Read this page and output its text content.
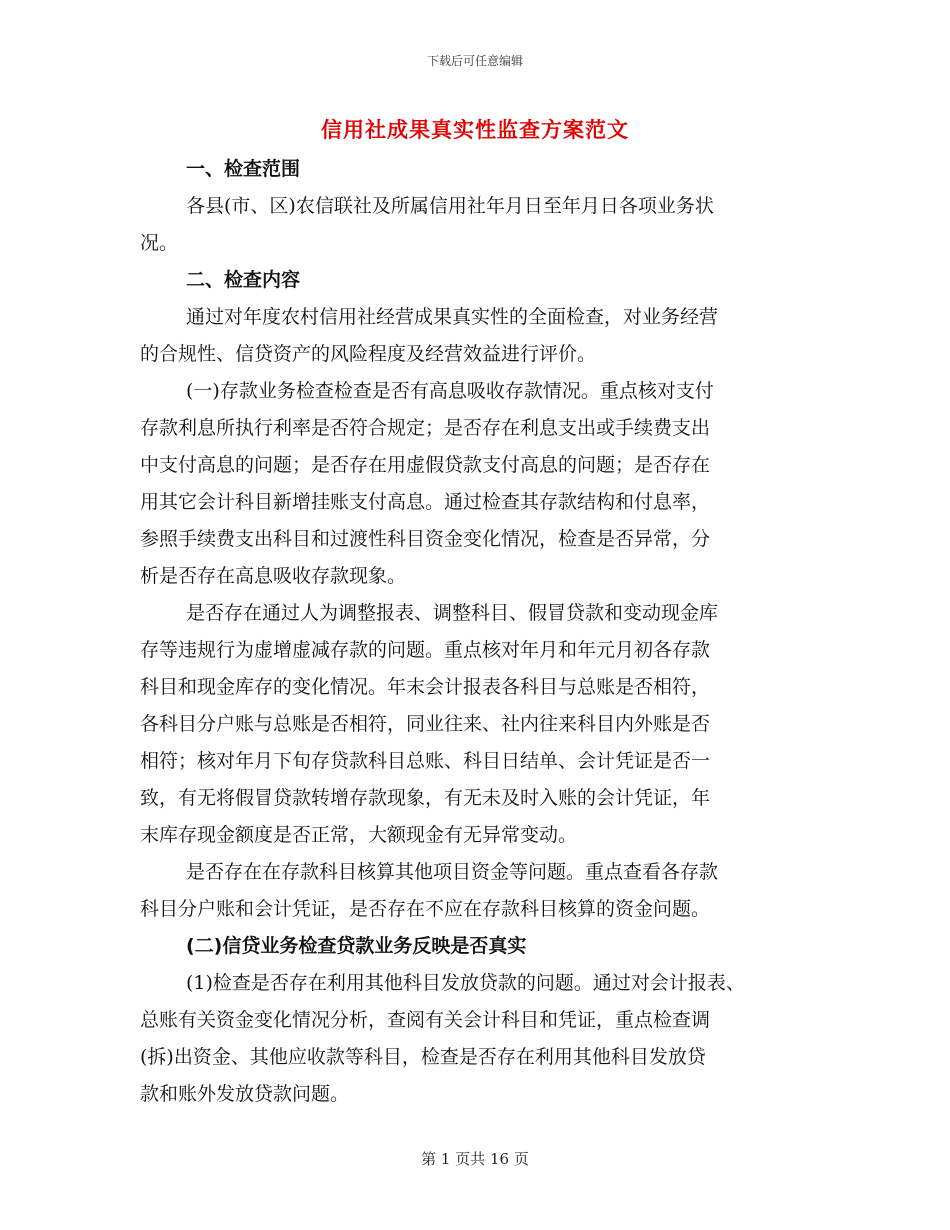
下载后可任意编辑
信用社成果真实性监查方案范文
一、检查范围
各县(市、区)农信联社及所属信用社年月日至年月日各项业务状
况。
二、检查内容
通过对年度农村信用社经营成果真实性的全面检查，对业务经营
的合规性、信贷资产的风险程度及经营效益进行评价。
(一)存款业务检查检查是否有高息吸收存款情况。重点核对支付
存款利息所执行利率是否符合规定；是否存在利息支出或手续费支出
中支付高息的问题；是否存在用虚假贷款支付高息的问题；是否存在
用其它会计科目新增挂账支付高息。通过检查其存款结构和付息率，
参照手续费支出科目和过渡性科目资金变化情况，检查是否异常，分
析是否存在高息吸收存款现象。
是否存在通过人为调整报表、调整科目、假冒贷款和变动现金库
存等违规行为虚增虚减存款的问题。重点核对年月和年元月初各存款
科目和现金库存的变化情况。年末会计报表各科目与总账是否相符，
各科目分户账与总账是否相符，同业往来、社内往来科目内外账是否
相符；核对年月下旬存贷款科目总账、科目日结单、会计凭证是否一
致，有无将假冒贷款转增存款现象，有无未及时入账的会计凭证，年
末库存现金额度是否正常，大额现金有无异常变动。
是否存在在存款科目核算其他项目资金等问题。重点查看各存款
科目分户账和会计凭证，是否存在不应在存款科目核算的资金问题。
(二)信贷业务检查贷款业务反映是否真实
(1)检查是否存在利用其他科目发放贷款的问题。通过对会计报表、
总账有关资金变化情况分析，查阅有关会计科目和凭证，重点检查调
(拆)出资金、其他应收款等科目，检查是否存在利用其他科目发放贷
款和账外发放贷款问题。
第 1 页共 16 页
